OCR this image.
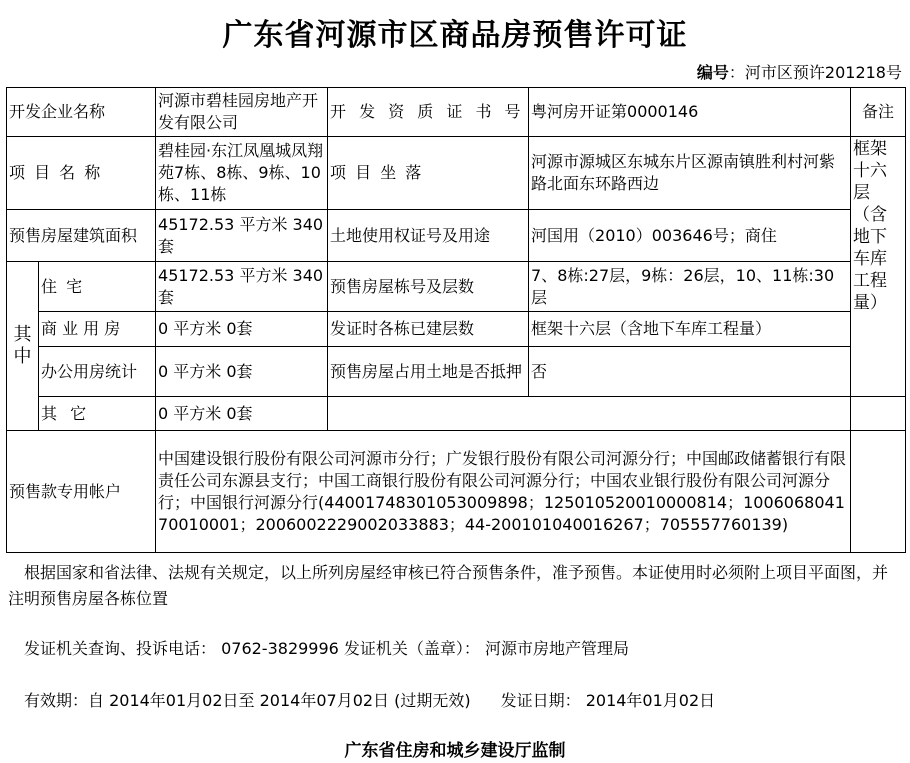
广东省河源市区商品房预售许可证
编号：河市区预许201218号
开发企业名称		河源市碧桂园房地产开发有限公司	开 发 资 质 证 书 号	粤河房开证第0000146	备注
项 目 名 称		碧桂园·东江凤凰城凤翔苑7栋、8栋、9栋、10栋、11栋	项 目 坐 落	河源市源城区东城东片区源南镇胜利村河紫路北面东环路西边	框架十六层（含地下车库工程量）
预售房屋建筑面积		45172.53 平方米 340套	土地使用权证号及用途	河国用（2010）003646号；商住	
其中	住 宅	45172.53 平方米 340套	预售房屋栋号及层数	7、8栋:27层，9栋：26层，10、11栋:30层	
	商 业 用 房	0 平方米 0套	发证时各栋已建层数	框架十六层（含地下车库工程量）	
	办公用房统计	0 平方米 0套	预售房屋占用土地是否抵押	否	
	其 它	0 平方米 0套			
预售款专用帐户		中国建设银行股份有限公司河源市分行；广发银行股份有限公司河源分行；中国邮政储蓄银行有限责任公司东源县支行；中国工商银行股份有限公司河源分行；中国农业银行股份有限公司河源分行；中国银行河源分行(44001748301053009898；125010520010000814；100606804170010001；2006002229002033883；44-200101040016267；705557760139)			
根据国家和省法律、法规有关规定，以上所列房屋经审核已符合预售条件，准予预售。本证使用时必须附上项目平面图，并注明预售房屋各栋位置
发证机关查询、投诉电话： 0762-3829996 发证机关（盖章）： 河源市房地产管理局
有效期：自 2014年01月02日至 2014年07月02日 (过期无效) 发证日期： 2014年01月02日
广东省住房和城乡建设厅监制
